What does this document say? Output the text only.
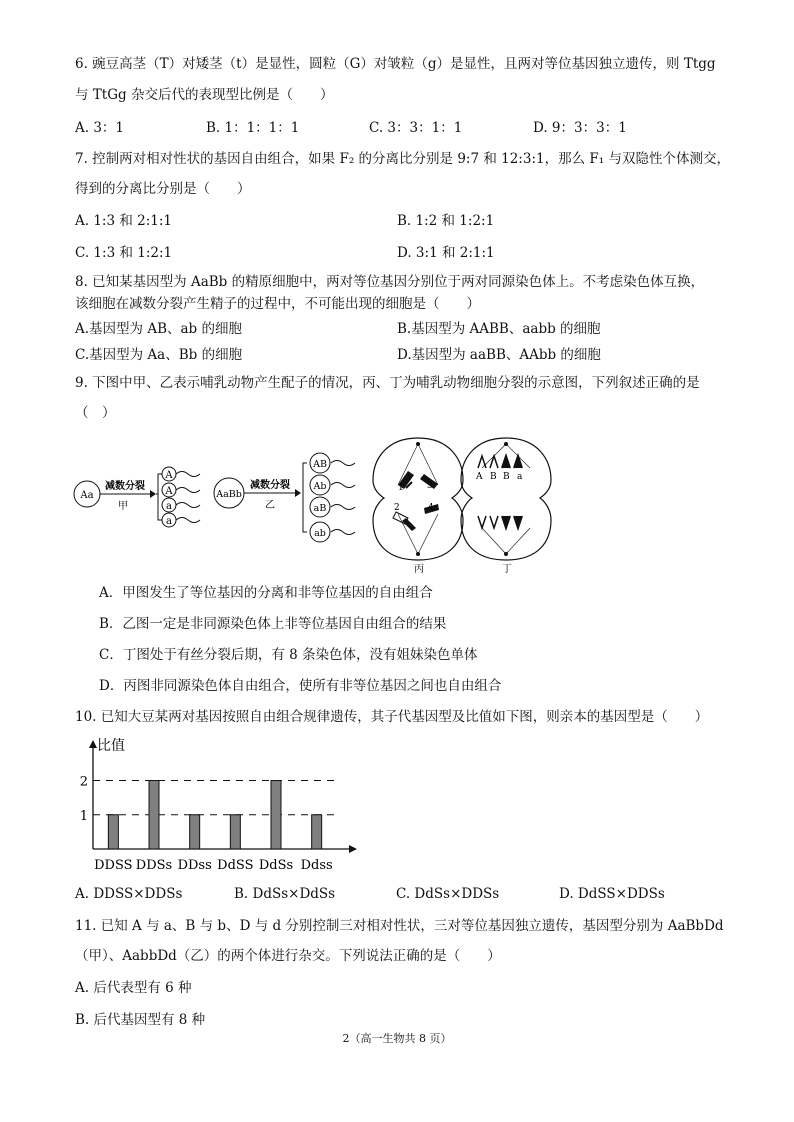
6. 豌豆高茎（T）对矮茎（t）是显性，圆粒（G）对皱粒（g）是显性，且两对等位基因独立遗传，则 Ttgg
与 TtGg 杂交后代的表现型比例是（　　）
A. 3：1	B. 1：1：1：1	C. 3：3：1：1	D. 9：3：3：1
7. 控制两对相对性状的基因自由组合，如果 F₂ 的分离比分别是 9:7 和 12:3:1，那么 F₁ 与双隐性个体测交，
得到的分离比分别是（　　）
A. 1:3 和 2:1:1	B. 1:2 和 1:2:1
C. 1:3 和 1:2:1	D. 3:1 和 2:1:1
8. 已知某基因型为 AaBb 的精原细胞中，两对等位基因分别位于两对同源染色体上。不考虑染色体互换，
该细胞在减数分裂产生精子的过程中，不可能出现的细胞是（　　）
A.基因型为 AB、ab 的细胞	B.基因型为 AABB、aabb 的细胞
C.基因型为 Aa、Bb 的细胞	D.基因型为 aaBB、AAbb 的细胞
9. 下图中甲、乙表示哺乳动物产生配子的情况，丙、丁为哺乳动物细胞分裂的示意图，下列叙述正确的是
（　）
Aa
减数分裂
甲
A
A
a
a
AaBb
减数分裂
乙
AB
Ab
aB
ab
1	3
2	4
丙
A B B a
丁
A．甲图发生了等位基因的分离和非等位基因的自由组合
B．乙图一定是非同源染色体上非等位基因自由组合的结果
C．丁图处于有丝分裂后期，有 8 条染色体，没有姐妹染色单体
D．丙图非同源染色体自由组合，使所有非等位基因之间也自由组合
10. 已知大豆某两对基因按照自由组合规律遗传，其子代基因型及比值如下图，则亲本的基因型是（　　）
比值
1
2
DDSS DDSs DDss DdSS DdSs Ddss
A. DDSS×DDSs	B. DdSs×DdSs	C. DdSs×DDSs	D. DdSS×DDSs
11. 已知 A 与 a、B 与 b、D 与 d 分别控制三对相对性状，三对等位基因独立遗传，基因型分别为 AaBbDd
（甲）、AabbDd（乙）的两个体进行杂交。下列说法正确的是（　　）
A. 后代表型有 6 种
B. 后代基因型有 8 种
2（高一生物共 8 页）
